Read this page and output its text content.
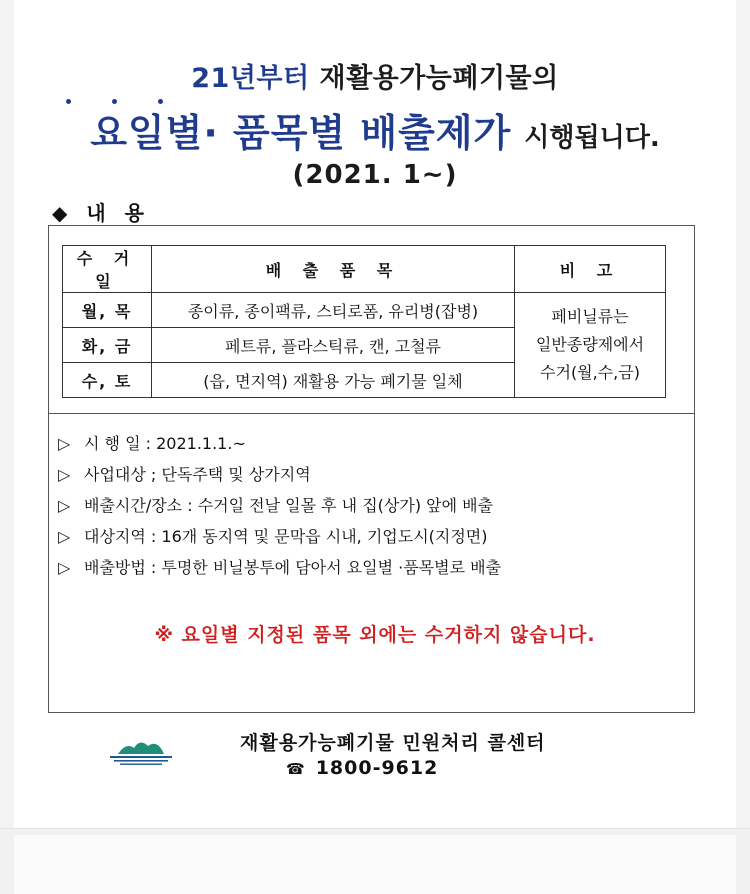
21년부터 재활용가능폐기물의
요일별· 품목별 배출제가 시행됩니다.
(2021. 1~)
◆ 내 용
수 거 일	배 출 품 목	비 고
월, 목	종이류, 종이팩류, 스티로폼, 유리병(잡병)	페비닐류는
일반종량제에서
수거(월,수,금)

화, 금	페트류, 플라스틱류, 캔, 고철류	
수, 토	(읍, 면지역) 재활용 가능 폐기물 일체	
▷ 시 행 일 : 2021.1.1.~
▷ 사업대상 ; 단독주택 및 상가지역
▷ 배출시간/장소 : 수거일 전날 일몰 후 내 집(상가) 앞에 배출
▷ 대상지역 : 16개 동지역 및 문막읍 시내, 기업도시(지정면)
▷ 배출방법 : 투명한 비닐봉투에 담아서 요일별 ·품목별로 배출
※ 요일별 지정된 품목 외에는 수거하지 않습니다.
재활용가능폐기물 민원처리 콜센터
☎ 1800-9612
